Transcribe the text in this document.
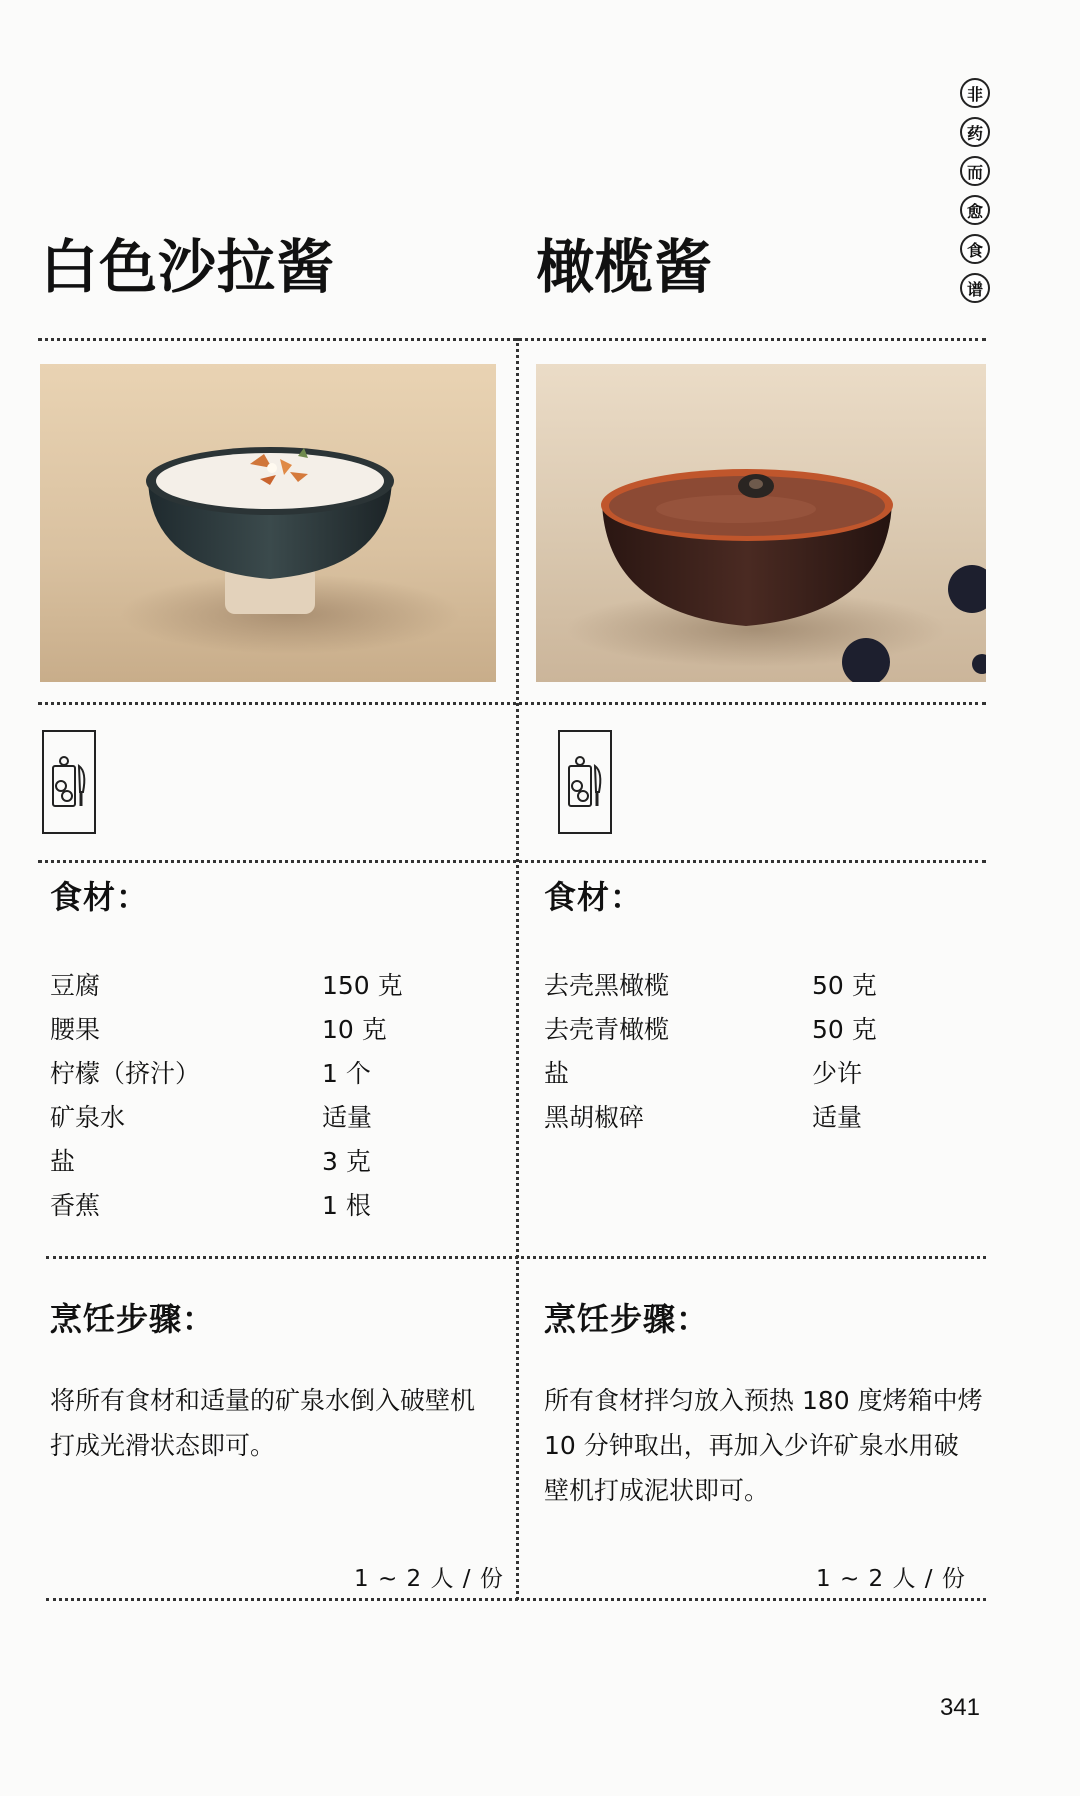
非
药
而
愈
食
谱
白色沙拉酱	橄榄酱
食材：	食材：
豆腐	150 克
腰果	10 克
柠檬（挤汁）	1 个
矿泉水	适量
盐	3 克
香蕉	1 根
去壳黑橄榄	50 克
去壳青橄榄	50 克
盐	少许
黑胡椒碎	适量
烹饪步骤：	烹饪步骤：
将所有食材和适量的矿泉水倒入破壁机
打成光滑状态即可。
所有食材拌匀放入预热 180 度烤箱中烤
10 分钟取出，再加入少许矿泉水用破
壁机打成泥状即可。
1 ~ 2 人 / 份	1 ~ 2 人 / 份
341
